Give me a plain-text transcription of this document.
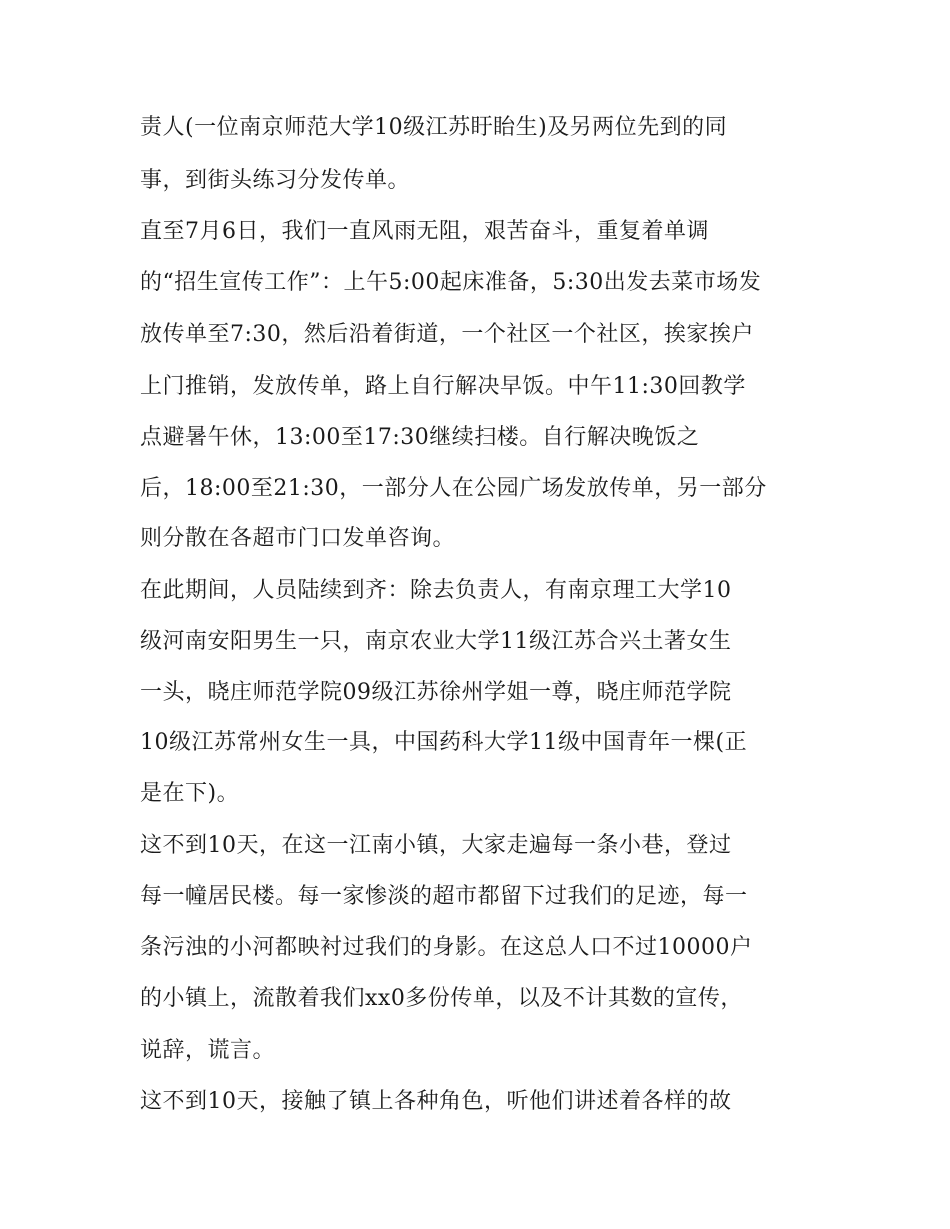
责人(一位南京师范大学10级江苏盱眙生)及另两位先到的同
事，到街头练习分发传单。
直至7月6日，我们一直风雨无阻，艰苦奋斗，重复着单调
的“招生宣传工作”：上午5:00起床准备，5:30出发去菜市场发
放传单至7:30，然后沿着街道，一个社区一个社区，挨家挨户
上门推销，发放传单，路上自行解决早饭。中午11:30回教学
点避暑午休，13:00至17:30继续扫楼。自行解决晚饭之
后，18:00至21:30，一部分人在公园广场发放传单，另一部分
则分散在各超市门口发单咨询。
在此期间，人员陆续到齐：除去负责人，有南京理工大学10
级河南安阳男生一只，南京农业大学11级江苏合兴土著女生
一头，晓庄师范学院09级江苏徐州学姐一尊，晓庄师范学院
10级江苏常州女生一具，中国药科大学11级中国青年一棵(正
是在下)。
这不到10天，在这一江南小镇，大家走遍每一条小巷，登过
每一幢居民楼。每一家惨淡的超市都留下过我们的足迹，每一
条污浊的小河都映衬过我们的身影。在这总人口不过10000户
的小镇上，流散着我们xx0多份传单，以及不计其数的宣传，
说辞，谎言。
这不到10天，接触了镇上各种角色，听他们讲述着各样的故
